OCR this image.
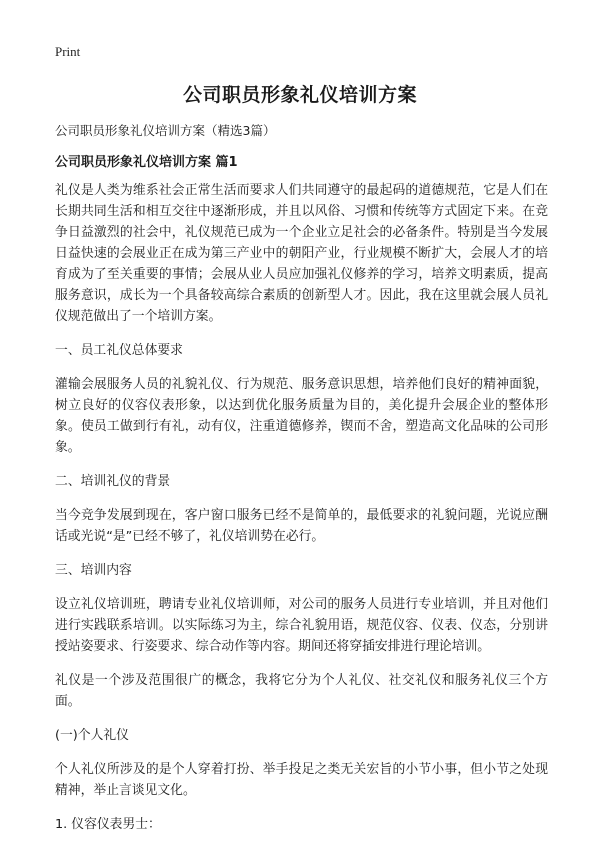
Print
公司职员形象礼仪培训方案
公司职员形象礼仪培训方案（精选3篇）
公司职员形象礼仪培训方案 篇1

礼仪是人类为维系社会正常生活而要求人们共同遵守的最起码的道德规范，它是人们在长期共同生活和相互交往中逐渐形成，并且以风俗、习惯和传统等方式固定下来。在竞争日益激烈的社会中，礼仪规范已成为一个企业立足社会的必备条件。特别是当今发展日益快速的会展业正在成为第三产业中的朝阳产业，行业规模不断扩大，会展人才的培育成为了至关重要的事情；会展从业人员应加强礼仪修养的学习，培养文明素质，提高服务意识，成长为一个具备较高综合素质的创新型人才。因此，我在这里就会展人员礼仪规范做出了一个培训方案。

一、员工礼仪总体要求

灌输会展服务人员的礼貌礼仪、行为规范、服务意识思想，培养他们良好的精神面貌，树立良好的仪容仪表形象，以达到优化服务质量为目的，美化提升会展企业的整体形象。使员工做到行有礼，动有仪，注重道德修养，锲而不舍，塑造高文化品味的公司形象。

二、培训礼仪的背景

当今竞争发展到现在，客户窗口服务已经不是简单的，最低要求的礼貌问题，光说应酬话或光说“是”已经不够了，礼仪培训势在必行。

三、培训内容

设立礼仪培训班，聘请专业礼仪培训师，对公司的服务人员进行专业培训，并且对他们进行实践联系培训。以实际练习为主，综合礼貌用语，规范仪容、仪表、仪态，分别讲授站姿要求、行姿要求、综合动作等内容。期间还将穿插安排进行理论培训。

礼仪是一个涉及范围很广的概念，我将它分为个人礼仪、社交礼仪和服务礼仪三个方面。

(一)个人礼仪

个人礼仪所涉及的是个人穿着打扮、举手投足之类无关宏旨的小节小事，但小节之处现精神，举止言谈见文化。

1. 仪容仪表男士：
